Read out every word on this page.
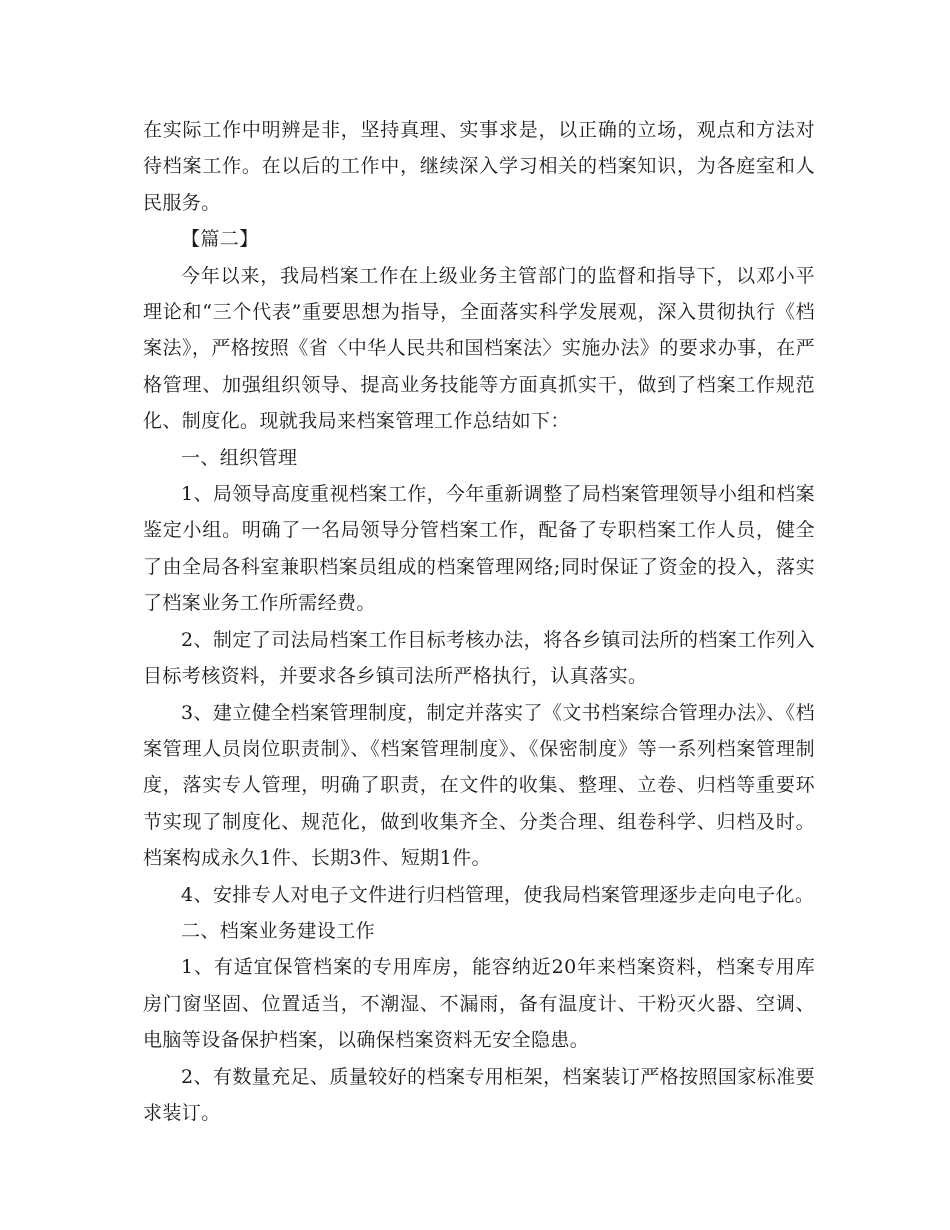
在实际工作中明辨是非，坚持真理、实事求是，以正确的立场，观点和方法对待档案工作。在以后的工作中，继续深入学习相关的档案知识，为各庭室和人民服务。

【篇二】

今年以来，我局档案工作在上级业务主管部门的监督和指导下，以邓小平理论和“三个代表”重要思想为指导，全面落实科学发展观，深入贯彻执行《档案法》，严格按照《省〈中华人民共和国档案法〉实施办法》的要求办事，在严格管理、加强组织领导、提高业务技能等方面真抓实干，做到了档案工作规范化、制度化。现就我局来档案管理工作总结如下：

一、组织管理

1、局领导高度重视档案工作，今年重新调整了局档案管理领导小组和档案鉴定小组。明确了一名局领导分管档案工作，配备了专职档案工作人员，健全了由全局各科室兼职档案员组成的档案管理网络;同时保证了资金的投入，落实了档案业务工作所需经费。

2、制定了司法局档案工作目标考核办法，将各乡镇司法所的档案工作列入目标考核资料，并要求各乡镇司法所严格执行，认真落实。

3、建立健全档案管理制度，制定并落实了《文书档案综合管理办法》、《档案管理人员岗位职责制》、《档案管理制度》、《保密制度》等一系列档案管理制度，落实专人管理，明确了职责，在文件的收集、整理、立卷、归档等重要环节实现了制度化、规范化，做到收集齐全、分类合理、组卷科学、归档及时。档案构成永久1件、长期3件、短期1件。

4、安排专人对电子文件进行归档管理，使我局档案管理逐步走向电子化。

二、档案业务建设工作

1、有适宜保管档案的专用库房，能容纳近20年来档案资料，档案专用库房门窗坚固、位置适当，不潮湿、不漏雨，备有温度计、干粉灭火器、空调、电脑等设备保护档案，以确保档案资料无安全隐患。

2、有数量充足、质量较好的档案专用柜架，档案装订严格按照国家标准要求装订。
